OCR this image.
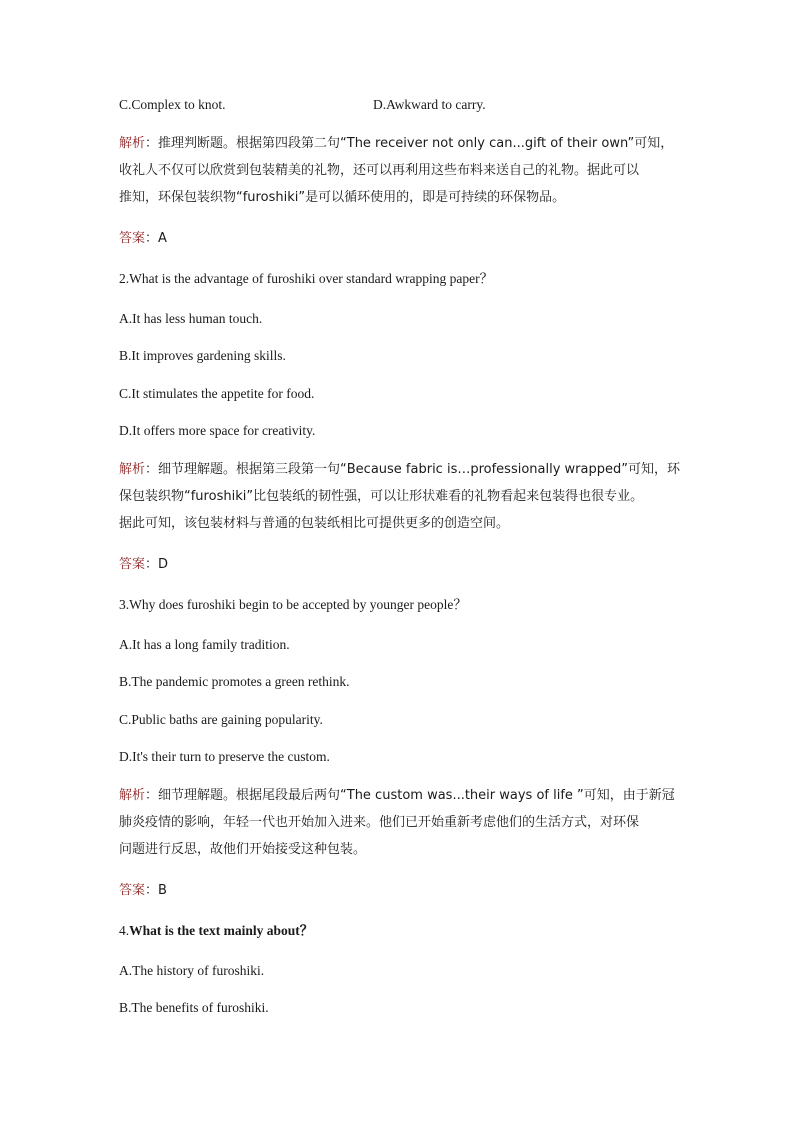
C.Complex to knot.	D.Awkward to carry.

解析：推理判断题。根据第四段第二句“The receiver not only can...gift of their own”可知，

收礼人不仅可以欣赏到包装精美的礼物，还可以再利用这些布料来送自己的礼物。据此可以

推知，环保包装织物“furoshiki”是可以循环使用的，即是可持续的环保物品。

答案：A

2.What is the advantage of furoshiki over standard wrapping paper？

A.It has less human touch.

B.It improves gardening skills.

C.It stimulates the appetite for food.

D.It offers more space for creativity.

解析：细节理解题。根据第三段第一句“Because fabric is…professionally wrapped”可知，环

保包装织物“furoshiki”比包装纸的韧性强，可以让形状难看的礼物看起来包装得也很专业。

据此可知，该包装材料与普通的包装纸相比可提供更多的创造空间。

答案：D

3.Why does furoshiki begin to be accepted by younger people？

A.It has a long family tradition.

B.The pandemic promotes a green rethink.

C.Public baths are gaining popularity.

D.It's their turn to preserve the custom.

解析：细节理解题。根据尾段最后两句“The custom was...their ways of life ”可知，由于新冠

肺炎疫情的影响，年轻一代也开始加入进来。他们已开始重新考虑他们的生活方式，对环保

问题进行反思，故他们开始接受这种包装。

答案：B

4.What is the text mainly about？

A.The history of furoshiki.

B.The benefits of furoshiki.
